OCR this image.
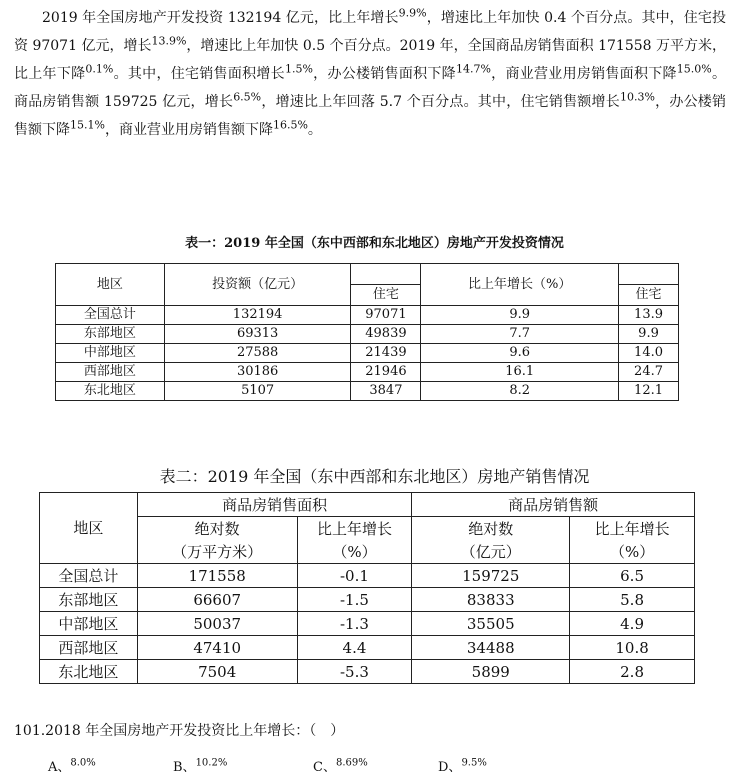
2019 年全国房地产开发投资 132194 亿元，比上年增长$^{9.9\%}$，增速比上年加快 0.4 个百分点。其中，住宅投资 97071 亿元，增长$^{13.9\%}$，增速比上年加快 0.5 个百分点。2019 年，全国商品房销售面积 171558 万平方米，比上年下降$^{0.1\%}$。其中，住宅销售面积增长$^{1.5\%}$，办公楼销售面积下降$^{14.7\%}$，商业营业用房销售面积下降$^{15.0\%}$。商品房销售额 159725 亿元，增长$^{6.5\%}$，增速比上年回落 5.7 个百分点。其中，住宅销售额增长$^{10.3\%}$，办公楼销售额下降$^{15.1\%}$，商业营业用房销售额下降$^{16.5\%}$。

表一：2019 年全国（东中西部和东北地区）房地产开发投资情况
地区	投资额（亿元）		比上年增长（%）	
		住宅		住宅
全国总计	132194	97071	9.9	13.9
东部地区	69313	49839	7.7	9.9
中部地区	27588	21439	9.6	14.0
西部地区	30186	21946	16.1	24.7
东北地区	5107	3847	8.2	12.1
表二：2019 年全国（东中西部和东北地区）房地产销售情况
地区	商品房销售面积		商品房销售额	
	绝对数	比上年增长	绝对数	比上年增长
	（万平方米）	（%）	（亿元）	（%）
全国总计	171558	-0.1	159725	6.5
东部地区	66607	-1.5	83833	5.8
中部地区	50037	-1.3	35505	4.9
西部地区	47410	4.4	34488	10.8
东北地区	7504	-5.3	5899	2.8
101.2018 年全国房地产开发投资比上年增长：（　）
A、$^{8.0\%}$	B、$^{10.2\%}$	C、$^{8.69\%}$	D、$^{9.5\%}$
